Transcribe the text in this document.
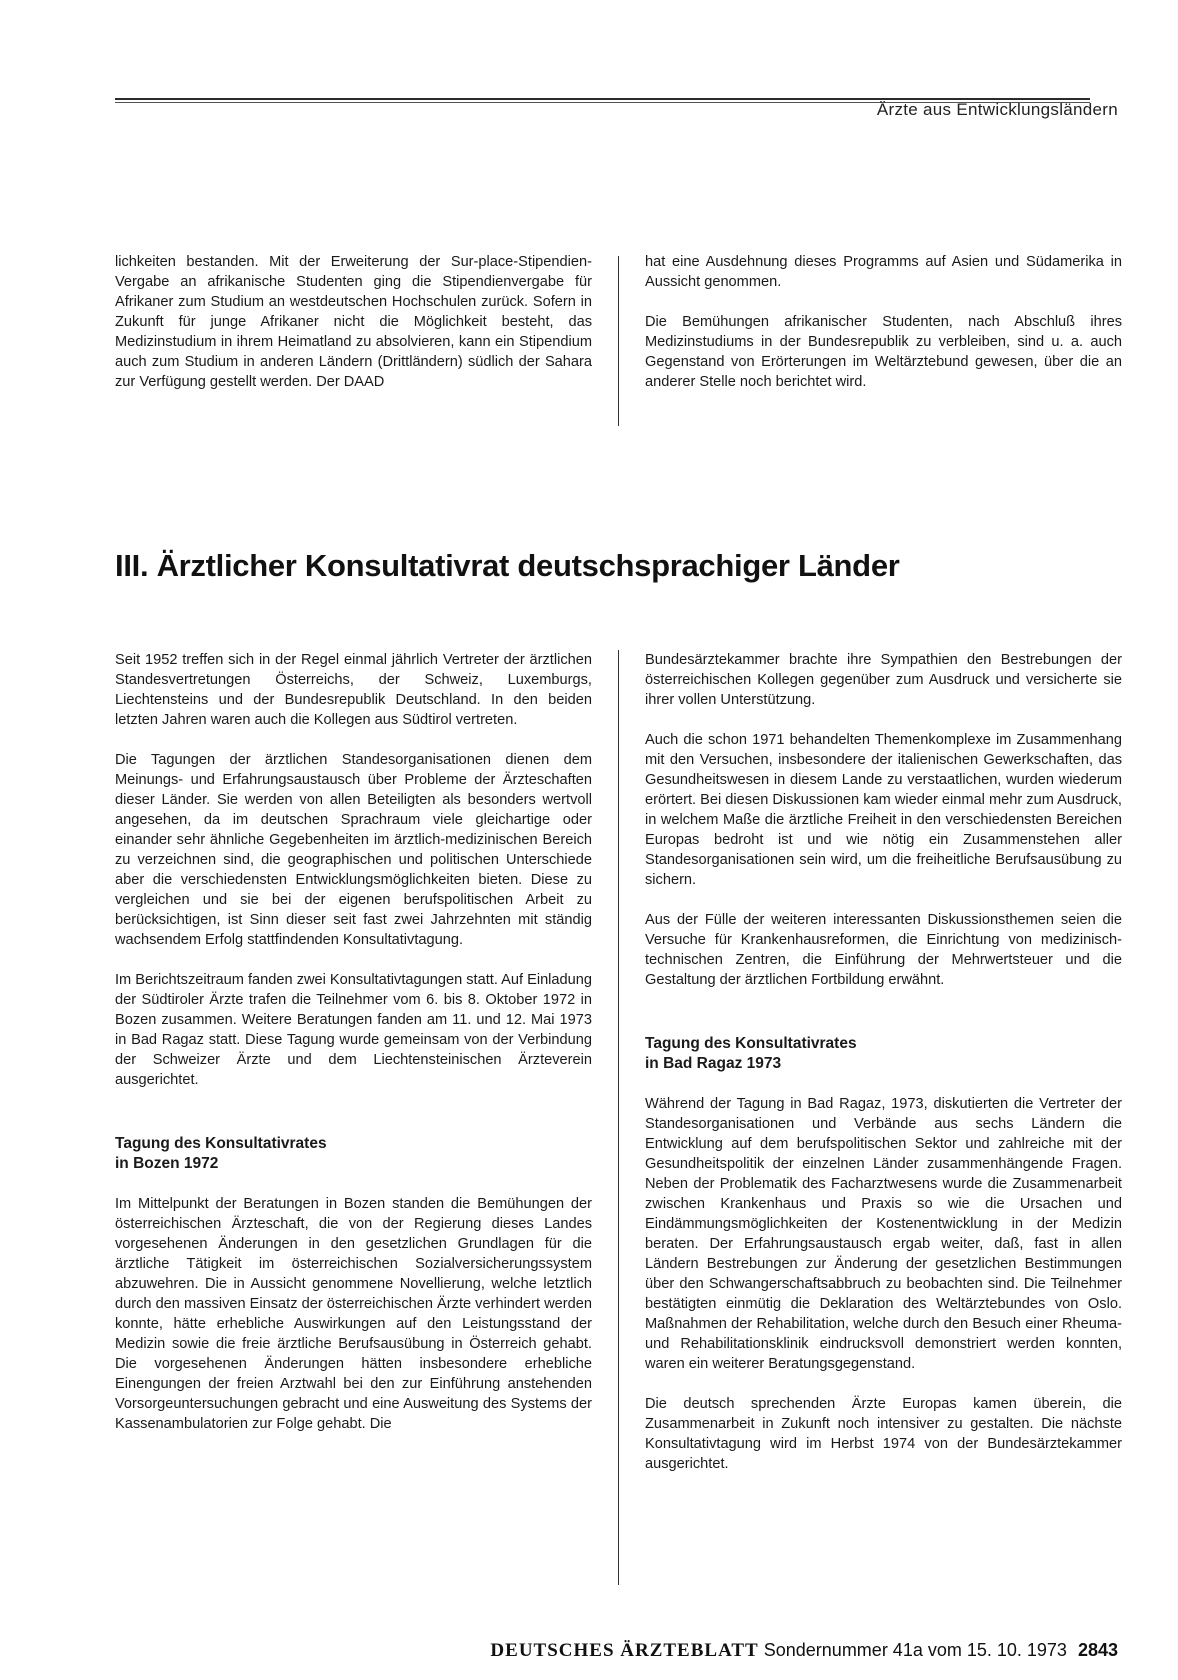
Ärzte aus Entwicklungsländern

lichkeiten bestanden. Mit der Erweiterung der Sur-place-Stipendien-Vergabe an afrikanische Studenten ging die Stipendienvergabe für Afrikaner zum Studium an westdeutschen Hochschulen zurück. Sofern in Zukunft für junge Afrikaner nicht die Möglichkeit besteht, das Medizinstudium in ihrem Heimatland zu absolvieren, kann ein Stipendium auch zum Studium in anderen Ländern (Drittländern) südlich der Sahara zur Verfügung gestellt werden. Der DAAD

hat eine Ausdehnung dieses Programms auf Asien und Südamerika in Aussicht genommen.

Die Bemühungen afrikanischer Studenten, nach Abschluß ihres Medizinstudiums in der Bundesrepublik zu verbleiben, sind u. a. auch Gegenstand von Erörterungen im Weltärztebund gewesen, über die an anderer Stelle noch berichtet wird.

III. Ärztlicher Konsultativrat deutschsprachiger Länder

Seit 1952 treffen sich in der Regel einmal jährlich Vertreter der ärztlichen Standesvertretungen Österreichs, der Schweiz, Luxemburgs, Liechtensteins und der Bundesrepublik Deutschland. In den beiden letzten Jahren waren auch die Kollegen aus Südtirol vertreten.

Die Tagungen der ärztlichen Standesorganisationen dienen dem Meinungs- und Erfahrungsaustausch über Probleme der Ärzteschaften dieser Länder. Sie werden von allen Beteiligten als besonders wertvoll angesehen, da im deutschen Sprachraum viele gleichartige oder einander sehr ähnliche Gegebenheiten im ärztlich-medizinischen Bereich zu verzeichnen sind, die geographischen und politischen Unterschiede aber die verschiedensten Entwicklungsmöglichkeiten bieten. Diese zu vergleichen und sie bei der eigenen berufspolitischen Arbeit zu berücksichtigen, ist Sinn dieser seit fast zwei Jahrzehnten mit ständig wachsendem Erfolg stattfindenden Konsultativtagung.

Im Berichtszeitraum fanden zwei Konsultativtagungen statt. Auf Einladung der Südtiroler Ärzte trafen die Teilnehmer vom 6. bis 8. Oktober 1972 in Bozen zusammen. Weitere Beratungen fanden am 11. und 12. Mai 1973 in Bad Ragaz statt. Diese Tagung wurde gemeinsam von der Verbindung der Schweizer Ärzte und dem Liechtensteinischen Ärzteverein ausgerichtet.

Tagung des Konsultativrates
in Bozen 1972

Im Mittelpunkt der Beratungen in Bozen standen die Bemühungen der österreichischen Ärzteschaft, die von der Regierung dieses Landes vorgesehenen Änderungen in den gesetzlichen Grundlagen für die ärztliche Tätigkeit im österreichischen Sozialversicherungssystem abzuwehren. Die in Aussicht genommene Novellierung, welche letztlich durch den massiven Einsatz der österreichischen Ärzte verhindert werden konnte, hätte erhebliche Auswirkungen auf den Leistungsstand der Medizin sowie die freie ärztliche Berufsausübung in Österreich gehabt. Die vorgesehenen Änderungen hätten insbesondere erhebliche Einengungen der freien Arztwahl bei den zur Einführung anstehenden Vorsorgeuntersuchungen gebracht und eine Ausweitung des Systems der Kassenambulatorien zur Folge gehabt. Die

Bundesärztekammer brachte ihre Sympathien den Bestrebungen der österreichischen Kollegen gegenüber zum Ausdruck und versicherte sie ihrer vollen Unterstützung.

Auch die schon 1971 behandelten Themenkomplexe im Zusammenhang mit den Versuchen, insbesondere der italienischen Gewerkschaften, das Gesundheitswesen in diesem Lande zu verstaatlichen, wurden wiederum erörtert. Bei diesen Diskussionen kam wieder einmal mehr zum Ausdruck, in welchem Maße die ärztliche Freiheit in den verschiedensten Bereichen Europas bedroht ist und wie nötig ein Zusammenstehen aller Standesorganisationen sein wird, um die freiheitliche Berufsausübung zu sichern.

Aus der Fülle der weiteren interessanten Diskussionsthemen seien die Versuche für Krankenhausreformen, die Einrichtung von medizinisch-technischen Zentren, die Einführung der Mehrwertsteuer und die Gestaltung der ärztlichen Fortbildung erwähnt.

Tagung des Konsultativrates
in Bad Ragaz 1973

Während der Tagung in Bad Ragaz, 1973, diskutierten die Vertreter der Standesorganisationen und Verbände aus sechs Ländern die Entwicklung auf dem berufspolitischen Sektor und zahlreiche mit der Gesundheitspolitik der einzelnen Länder zusammenhängende Fragen. Neben der Problematik des Facharztwesens wurde die Zusammenarbeit zwischen Krankenhaus und Praxis so wie die Ursachen und Eindämmungsmöglichkeiten der Kostenentwicklung in der Medizin beraten. Der Erfahrungsaustausch ergab weiter, daß, fast in allen Ländern Bestrebungen zur Änderung der gesetzlichen Bestimmungen über den Schwangerschaftsabbruch zu beobachten sind. Die Teilnehmer bestätigten einmütig die Deklaration des Weltärztebundes von Oslo. Maßnahmen der Rehabilitation, welche durch den Besuch einer Rheuma- und Rehabilitationsklinik eindrucksvoll demonstriert werden konnten, waren ein weiterer Beratungsgegenstand.

Die deutsch sprechenden Ärzte Europas kamen überein, die Zusammenarbeit in Zukunft noch intensiver zu gestalten. Die nächste Konsultativtagung wird im Herbst 1974 von der Bundesärztekammer ausgerichtet.

DEUTSCHES ÄRZTEBLATT Sondernummer 41a vom 15. 10. 1973 2843
